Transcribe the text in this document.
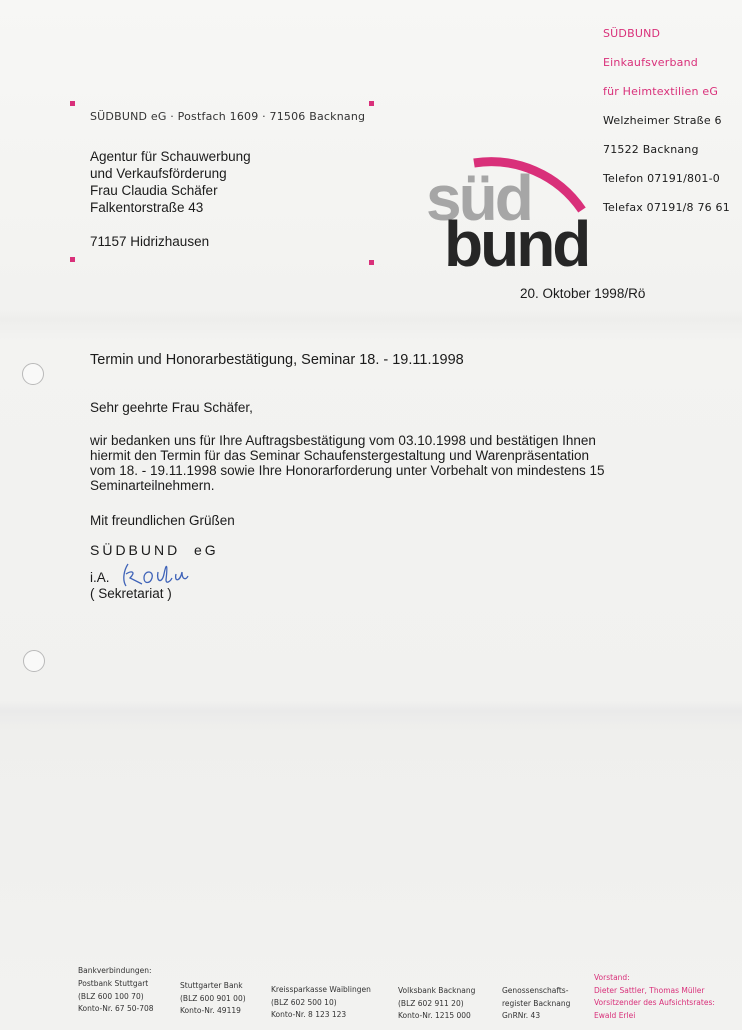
SÜDBUND
Einkaufsverband
für Heimtextilien eG
Welzheimer Straße 6
71522 Backnang
Telefon 07191/801-0
Telefax 07191/8 76 61
süd
bund
SÜDBUND eG · Postfach 1609 · 71506 Backnang
Agentur für Schauwerbung
und Verkaufsförderung
Frau Claudia Schäfer
Falkentorstraße 43
71157 Hidrizhausen
20. Oktober 1998/Rö
Termin und Honorarbestätigung, Seminar 18. - 19.11.1998
Sehr geehrte Frau Schäfer,
wir bedanken uns für Ihre Auftragsbestätigung vom 03.10.1998 und bestätigen Ihnen
hiermit den Termin für das Seminar Schaufenstergestaltung und Warenpräsentation
vom 18. - 19.11.1998 sowie Ihre Honorarforderung unter Vorbehalt von mindestens 15
Seminarteilnehmern.
Mit freundlichen Grüßen
SÜDBUND  eG
i.A.
( Sekretariat )
Bankverbindungen:
Postbank Stuttgart
(BLZ 600 100 70)
Konto-Nr. 67 50-708
Stuttgarter Bank
(BLZ 600 901 00)
Konto-Nr. 49119
Kreissparkasse Waiblingen
(BLZ 602 500 10)
Konto-Nr. 8 123 123
Volksbank Backnang
(BLZ 602 911 20)
Konto-Nr. 1215 000
Genossenschafts-
register Backnang
GnRNr. 43
Vorstand:
Dieter Sattler, Thomas Müller
Vorsitzender des Aufsichtsrates:
Ewald Erlei
